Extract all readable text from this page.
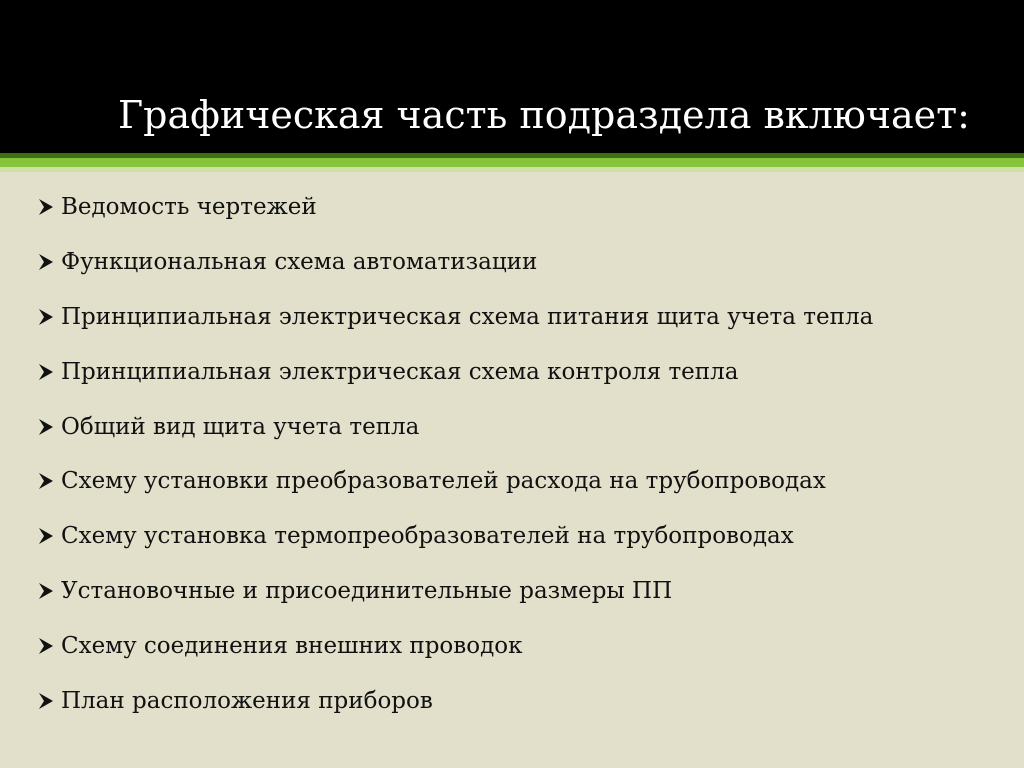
Графическая часть подраздела включает:
Ведомость чертежей
Функциональная схема автоматизации
Принципиальная электрическая схема питания щита учета тепла
Принципиальная электрическая схема контроля тепла
Общий вид щита учета тепла
Схему установки преобразователей расхода на трубопроводах
Схему установка термопреобразователей на трубопроводах
Установочные и присоединительные размеры ПП
Схему соединения внешних проводок
План расположения приборов
